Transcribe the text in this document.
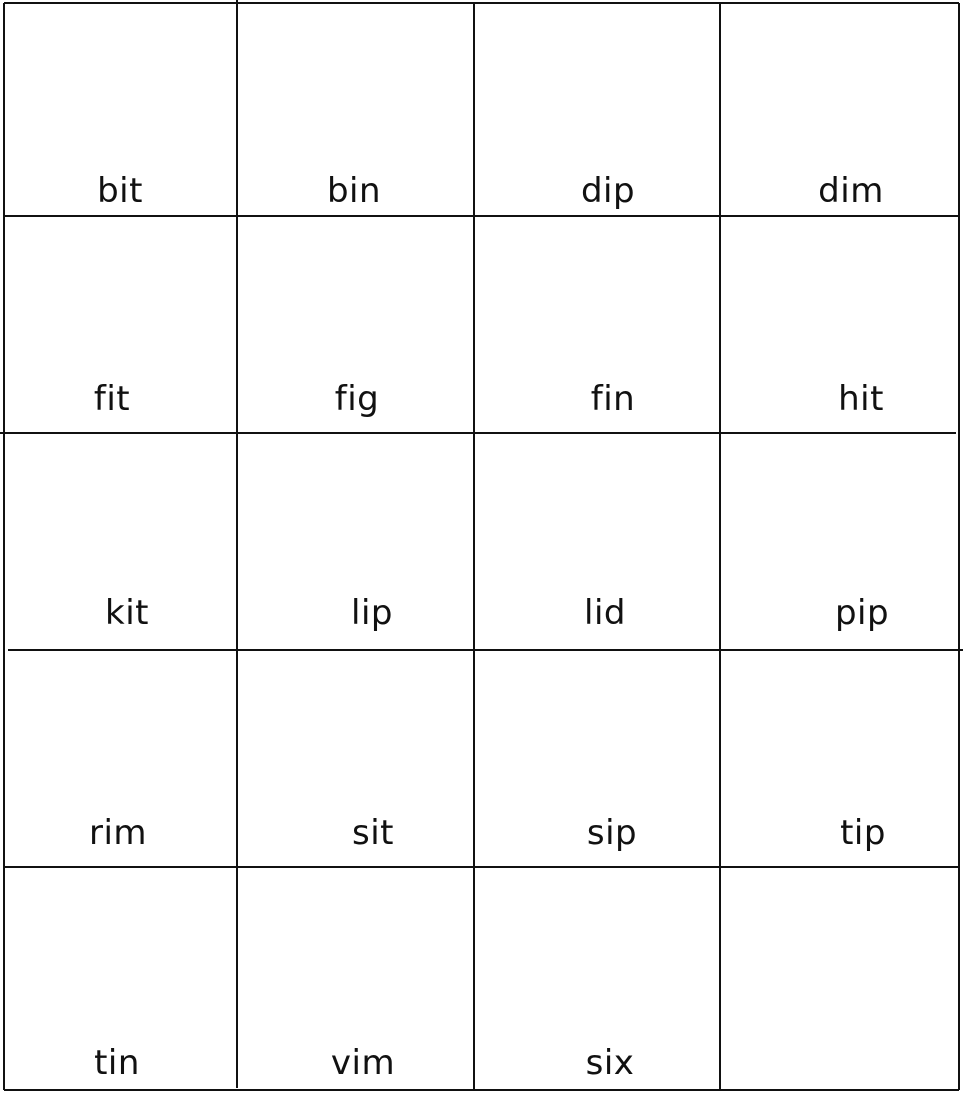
bit	bin	dip	dim
fit	fig	fin	hit
kit	lip	lid	pip
rim	sit	sip	tip
tin	vim	six
